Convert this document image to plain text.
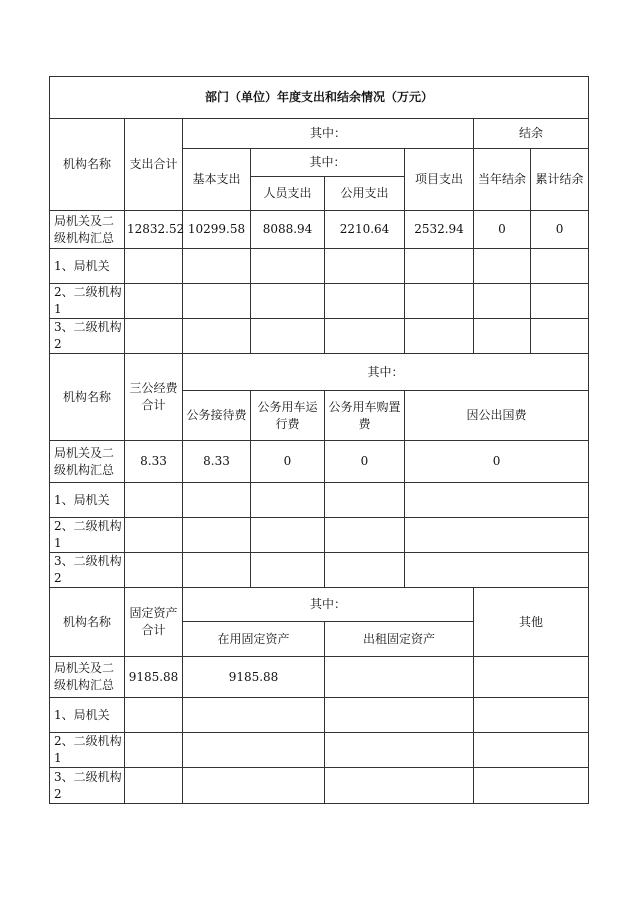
部门（单位）年度支出和结余情况（万元）							
机构名称	支出合计	其中：				结余	
		基本支出	其中：		项目支出	当年结余	累计结余
			人员支出	公用支出			
局机关及二级机构汇总	12832.52	10299.58	8088.94	2210.64	2532.94	0	0
1、局机关							
2、二级机构 1							
3、二级机构 2							
机构名称	三公经费合计	其中：					
		公务接待费	公务用车运行费	公务用车购置费	因公出国费		
局机关及二级机构汇总	8.33	8.33	0	0	0		
1、局机关							
2、二级机构 1							
3、二级机构 2							
机构名称	固定资产合计	其中：				其他	
		在用固定资产		出租固定资产			
局机关及二级机构汇总	9185.88	9185.88					
1、局机关							
2、二级机构 1							
3、二级机构 2							
